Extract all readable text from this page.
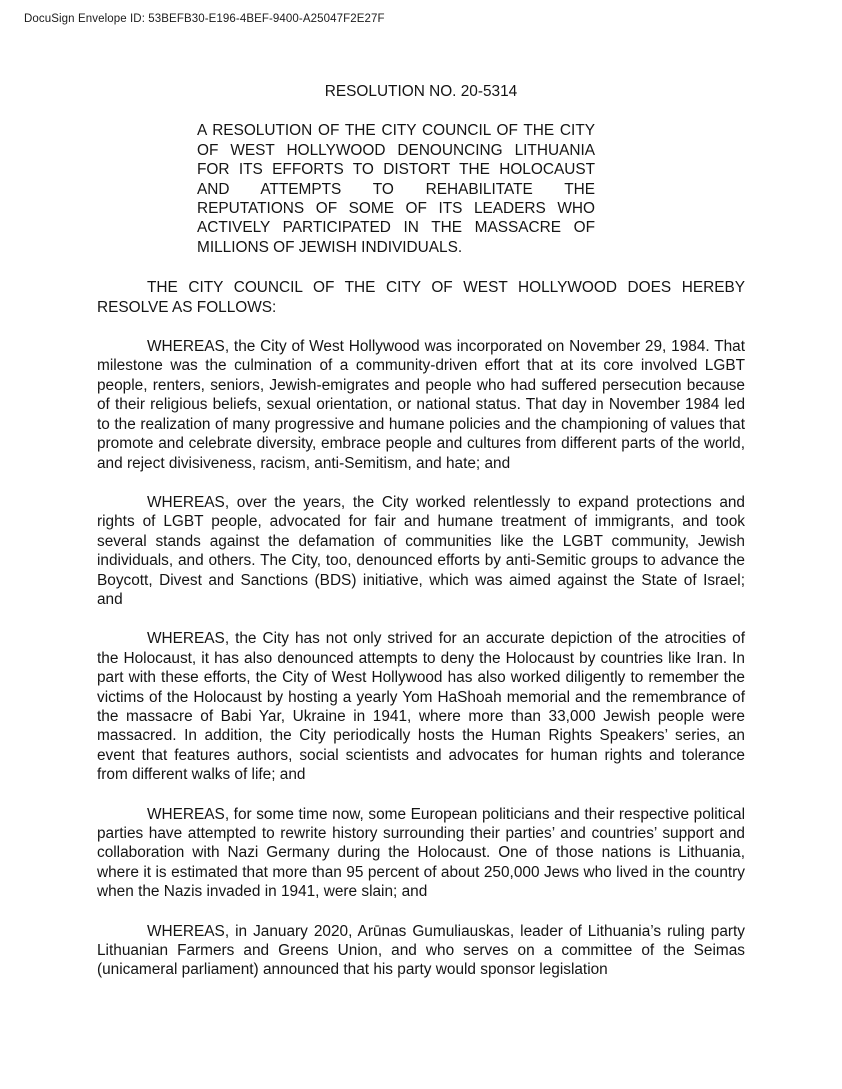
DocuSign Envelope ID: 53BEFB30-E196-4BEF-9400-A25047F2E27F
RESOLUTION NO. 20-5314
A RESOLUTION OF THE CITY COUNCIL OF THE CITY OF WEST HOLLYWOOD DENOUNCING LITHUANIA FOR ITS EFFORTS TO DISTORT THE HOLOCAUST AND ATTEMPTS TO REHABILITATE THE REPUTATIONS OF SOME OF ITS LEADERS WHO ACTIVELY PARTICIPATED IN THE MASSACRE OF MILLIONS OF JEWISH INDIVIDUALS.
THE CITY COUNCIL OF THE CITY OF WEST HOLLYWOOD DOES HEREBY RESOLVE AS FOLLOWS:

WHEREAS, the City of West Hollywood was incorporated on November 29, 1984. That milestone was the culmination of a community-driven effort that at its core involved LGBT people, renters, seniors, Jewish-emigrates and people who had suffered persecution because of their religious beliefs, sexual orientation, or national status. That day in November 1984 led to the realization of many progressive and humane policies and the championing of values that promote and celebrate diversity, embrace people and cultures from different parts of the world, and reject divisiveness, racism, anti-Semitism, and hate; and

WHEREAS, over the years, the City worked relentlessly to expand protections and rights of LGBT people, advocated for fair and humane treatment of immigrants, and took several stands against the defamation of communities like the LGBT community, Jewish individuals, and others. The City, too, denounced efforts by anti-Semitic groups to advance the Boycott, Divest and Sanctions (BDS) initiative, which was aimed against the State of Israel; and

WHEREAS, the City has not only strived for an accurate depiction of the atrocities of the Holocaust, it has also denounced attempts to deny the Holocaust by countries like Iran. In part with these efforts, the City of West Hollywood has also worked diligently to remember the victims of the Holocaust by hosting a yearly Yom HaShoah memorial and the remembrance of the massacre of Babi Yar, Ukraine in 1941, where more than 33,000 Jewish people were massacred. In addition, the City periodically hosts the Human Rights Speakers’ series, an event that features authors, social scientists and advocates for human rights and tolerance from different walks of life; and

WHEREAS, for some time now, some European politicians and their respective political parties have attempted to rewrite history surrounding their parties’ and countries’ support and collaboration with Nazi Germany during the Holocaust. One of those nations is Lithuania, where it is estimated that more than 95 percent of about 250,000 Jews who lived in the country when the Nazis invaded in 1941, were slain; and

WHEREAS, in January 2020, Arūnas Gumuliauskas, leader of Lithuania’s ruling party Lithuanian Farmers and Greens Union, and who serves on a committee of the Seimas (unicameral parliament) announced that his party would sponsor legislation
